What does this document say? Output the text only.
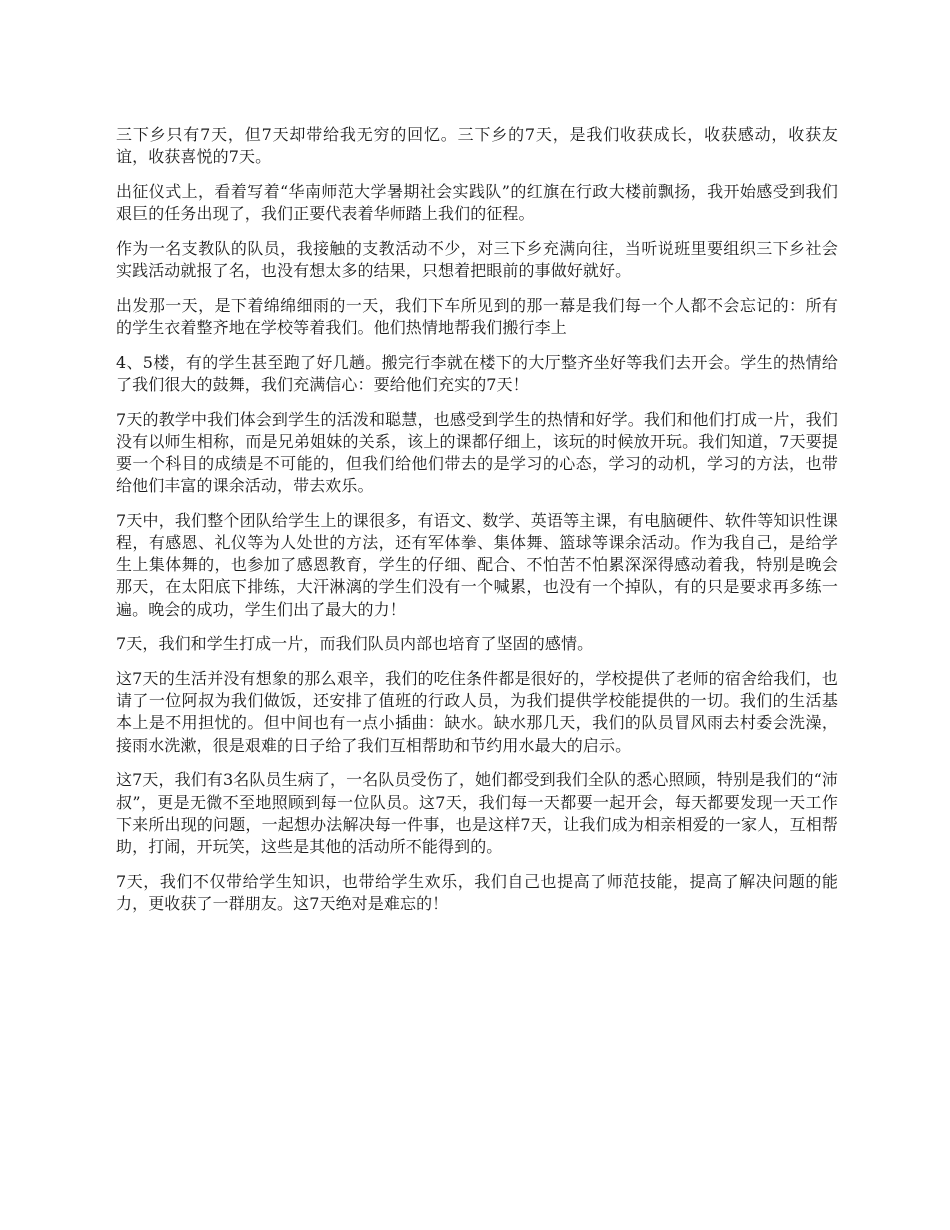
三下乡只有7天，但7天却带给我无穷的回忆。三下乡的7天，是我们收获成长，收获感动，收获友谊，收获喜悦的7天。

出征仪式上，看着写着“华南师范大学暑期社会实践队”的红旗在行政大楼前飘扬，我开始感受到我们艰巨的任务出现了，我们正要代表着华师踏上我们的征程。

作为一名支教队的队员，我接触的支教活动不少，对三下乡充满向往，当听说班里要组织三下乡社会实践活动就报了名，也没有想太多的结果，只想着把眼前的事做好就好。

出发那一天，是下着绵绵细雨的一天，我们下车所见到的那一幕是我们每一个人都不会忘记的：所有的学生衣着整齐地在学校等着我们。他们热情地帮我们搬行李上

4、5楼，有的学生甚至跑了好几趟。搬完行李就在楼下的大厅整齐坐好等我们去开会。学生的热情给了我们很大的鼓舞，我们充满信心：要给他们充实的7天！

7天的教学中我们体会到学生的活泼和聪慧，也感受到学生的热情和好学。我们和他们打成一片，我们没有以师生相称，而是兄弟姐妹的关系，该上的课都仔细上，该玩的时候放开玩。我们知道，7天要提要一个科目的成绩是不可能的，但我们给他们带去的是学习的心态，学习的动机，学习的方法，也带给他们丰富的课余活动，带去欢乐。

7天中，我们整个团队给学生上的课很多，有语文、数学、英语等主课，有电脑硬件、软件等知识性课程，有感恩、礼仪等为人处世的方法，还有军体拳、集体舞、篮球等课余活动。作为我自己，是给学生上集体舞的，也参加了感恩教育，学生的仔细、配合、不怕苦不怕累深深得感动着我，特别是晚会那天，在太阳底下排练，大汗淋漓的学生们没有一个喊累，也没有一个掉队，有的只是要求再多练一遍。晚会的成功，学生们出了最大的力！

7天，我们和学生打成一片，而我们队员内部也培育了坚固的感情。

这7天的生活并没有想象的那么艰辛，我们的吃住条件都是很好的，学校提供了老师的宿舍给我们，也请了一位阿叔为我们做饭，还安排了值班的行政人员，为我们提供学校能提供的一切。我们的生活基本上是不用担忧的。但中间也有一点小插曲：缺水。缺水那几天，我们的队员冒风雨去村委会洗澡，接雨水洗漱，很是艰难的日子给了我们互相帮助和节约用水最大的启示。

这7天，我们有3名队员生病了，一名队员受伤了，她们都受到我们全队的悉心照顾，特别是我们的“沛叔”，更是无微不至地照顾到每一位队员。这7天，我们每一天都要一起开会，每天都要发现一天工作下来所出现的问题，一起想办法解决每一件事，也是这样7天，让我们成为相亲相爱的一家人，互相帮助，打闹，开玩笑，这些是其他的活动所不能得到的。

7天，我们不仅带给学生知识，也带给学生欢乐，我们自己也提高了师范技能，提高了解决问题的能力，更收获了一群朋友。这7天绝对是难忘的！
